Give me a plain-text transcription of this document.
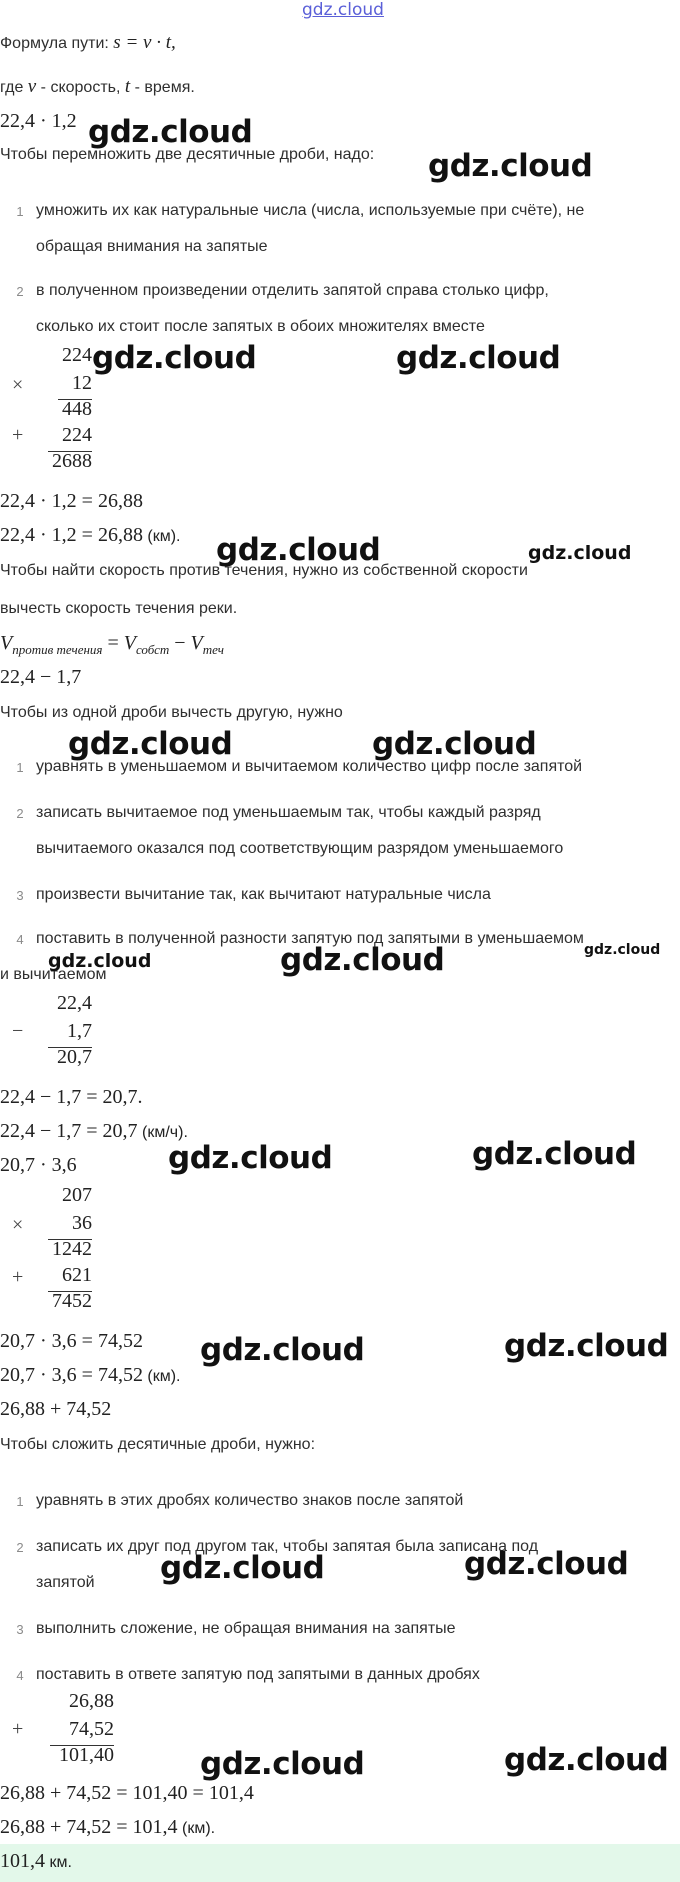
gdz.cloud
Формула пути: s = v · t,
где v - скорость, t - время.
22,4 · 1,2
Чтобы перемножить две десятичные дроби, надо:
1 умножить их как натуральные числа (числа, используемые при счёте), не
обращая внимания на запятые
2 в полученном произведении отделить запятой справа столько цифр,
сколько их стоит после запятых в обоих множителях вместе
224
×	12
448
+	224
2688
22,4 · 1,2 = 26,88
22,4 · 1,2 = 26,88 (км).
Чтобы найти скорость против течения, нужно из собственной скорости
вычесть скорость течения реки.
$V_{против течения} = V_{собст} - V_{теч}$
22,4 − 1,7
Чтобы из одной дроби вычесть другую, нужно
1 уравнять в уменьшаемом и вычитаемом количество цифр после запятой
2 записать вычитаемое под уменьшаемым так, чтобы каждый разряд
вычитаемого оказался под соответствующим разрядом уменьшаемого
3 произвести вычитание так, как вычитают натуральные числа
4 поставить в полученной разности запятую под запятыми в уменьшаемом
и вычитаемом
22,4
−	1,7
20,7
22,4 − 1,7 = 20,7.
22,4 − 1,7 = 20,7 (км/ч).
20,7 · 3,6
207
×	36
1242
+	621
7452
20,7 · 3,6 = 74,52
20,7 · 3,6 = 74,52 (км).
26,88 + 74,52
Чтобы сложить десятичные дроби, нужно:
1 уравнять в этих дробях количество знаков после запятой
2 записать их друг под другом так, чтобы запятая была записана под
запятой
3 выполнить сложение, не обращая внимания на запятые
4 поставить в ответе запятую под запятыми в данных дробях
26,88
+	74,52
101,40
26,88 + 74,52 = 101,40 = 101,4
26,88 + 74,52 = 101,4 (км).
101,4 км.
gdz.cloud
gdz.cloud
gdz.cloud	gdz.cloud
gdz.cloud	gdz.cloud
gdz.cloud	gdz.cloud
gdz.cloud	gdz.cloud	gdz.cloud
gdz.cloud	gdz.cloud
gdz.cloud	gdz.cloud
gdz.cloud	gdz.cloud
gdz.cloud	gdz.cloud
